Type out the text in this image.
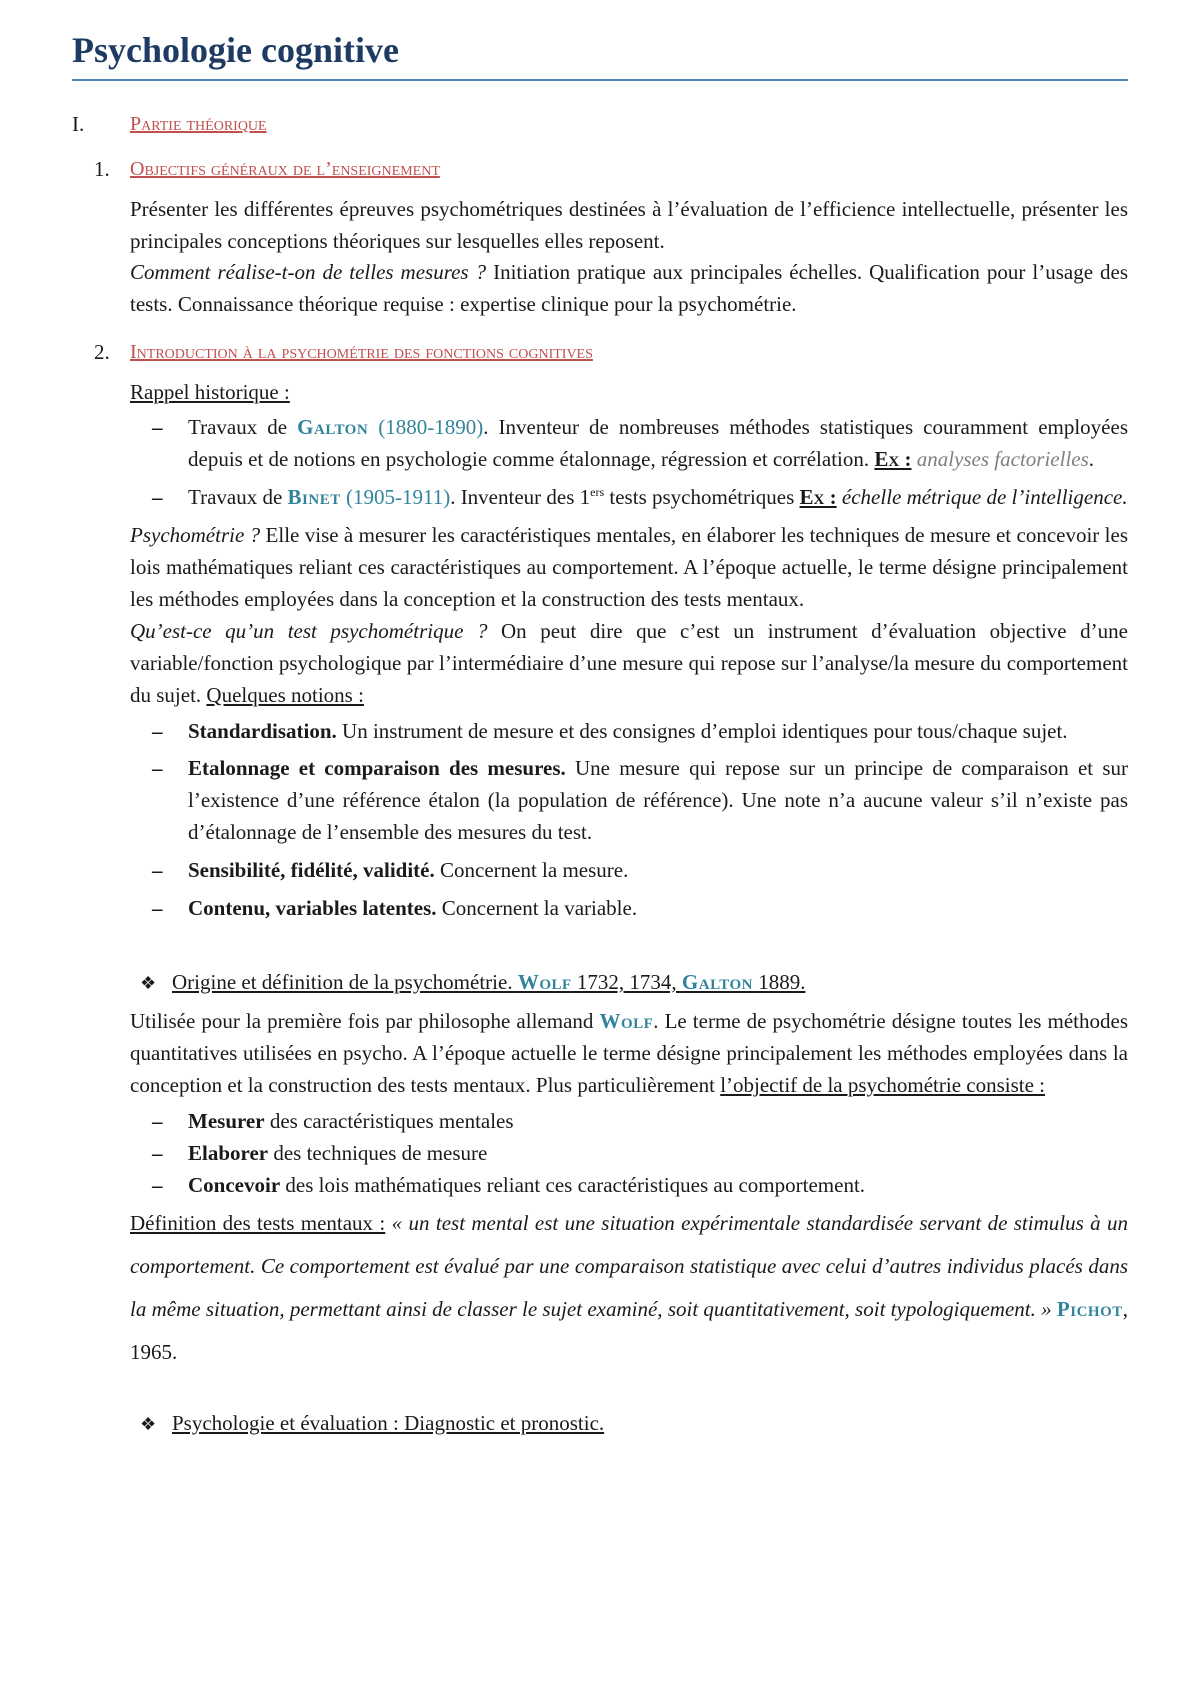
Psychologie cognitive
I.	Partie théorique
1.	Objectifs généraux de l’enseignement
Présenter les différentes épreuves psychométriques destinées à l’évaluation de l’efficience intellectuelle, présenter les principales conceptions théoriques sur lesquelles elles reposent.
Comment réalise-t-on de telles mesures ? Initiation pratique aux principales échelles. Qualification pour l’usage des tests. Connaissance théorique requise : expertise clinique pour la psychométrie.
2.	Introduction à la psychométrie des fonctions cognitives
Rappel historique :
– Travaux de Galton (1880-1890). Inventeur de nombreuses méthodes statistiques couramment employées depuis et de notions en psychologie comme étalonnage, régression et corrélation. Ex : analyses factorielles.
– Travaux de Binet (1905-1911). Inventeur des 1ers tests psychométriques Ex : échelle métrique de l’intelligence.
Psychométrie ? Elle vise à mesurer les caractéristiques mentales, en élaborer les techniques de mesure et concevoir les lois mathématiques reliant ces caractéristiques au comportement. A l’époque actuelle, le terme désigne principalement les méthodes employées dans la conception et la construction des tests mentaux.
Qu’est-ce qu’un test psychométrique ? On peut dire que c’est un instrument d’évaluation objective d’une variable/fonction psychologique par l’intermédiaire d’une mesure qui repose sur l’analyse/la mesure du comportement du sujet. Quelques notions :
– Standardisation. Un instrument de mesure et des consignes d’emploi identiques pour tous/chaque sujet.
– Etalonnage et comparaison des mesures. Une mesure qui repose sur un principe de comparaison et sur l’existence d’une référence étalon (la population de référence). Une note n’a aucune valeur s’il n’existe pas d’étalonnage de l’ensemble des mesures du test.
– Sensibilité, fidélité, validité. Concernent la mesure.
– Contenu, variables latentes. Concernent la variable.
❖ Origine et définition de la psychométrie. Wolf 1732, 1734, Galton 1889.
Utilisée pour la première fois par philosophe allemand Wolf. Le terme de psychométrie désigne toutes les méthodes quantitatives utilisées en psycho. A l’époque actuelle le terme désigne principalement les méthodes employées dans la conception et la construction des tests mentaux. Plus particulièrement l’objectif de la psychométrie consiste :
– Mesurer des caractéristiques mentales
– Elaborer des techniques de mesure
– Concevoir des lois mathématiques reliant ces caractéristiques au comportement.
Définition des tests mentaux : « un test mental est une situation expérimentale standardisée servant de stimulus à un comportement. Ce comportement est évalué par une comparaison statistique avec celui d’autres individus placés dans la même situation, permettant ainsi de classer le sujet examiné, soit quantitativement, soit typologiquement. » Pichot, 1965.
❖ Psychologie et évaluation : Diagnostic et pronostic.
